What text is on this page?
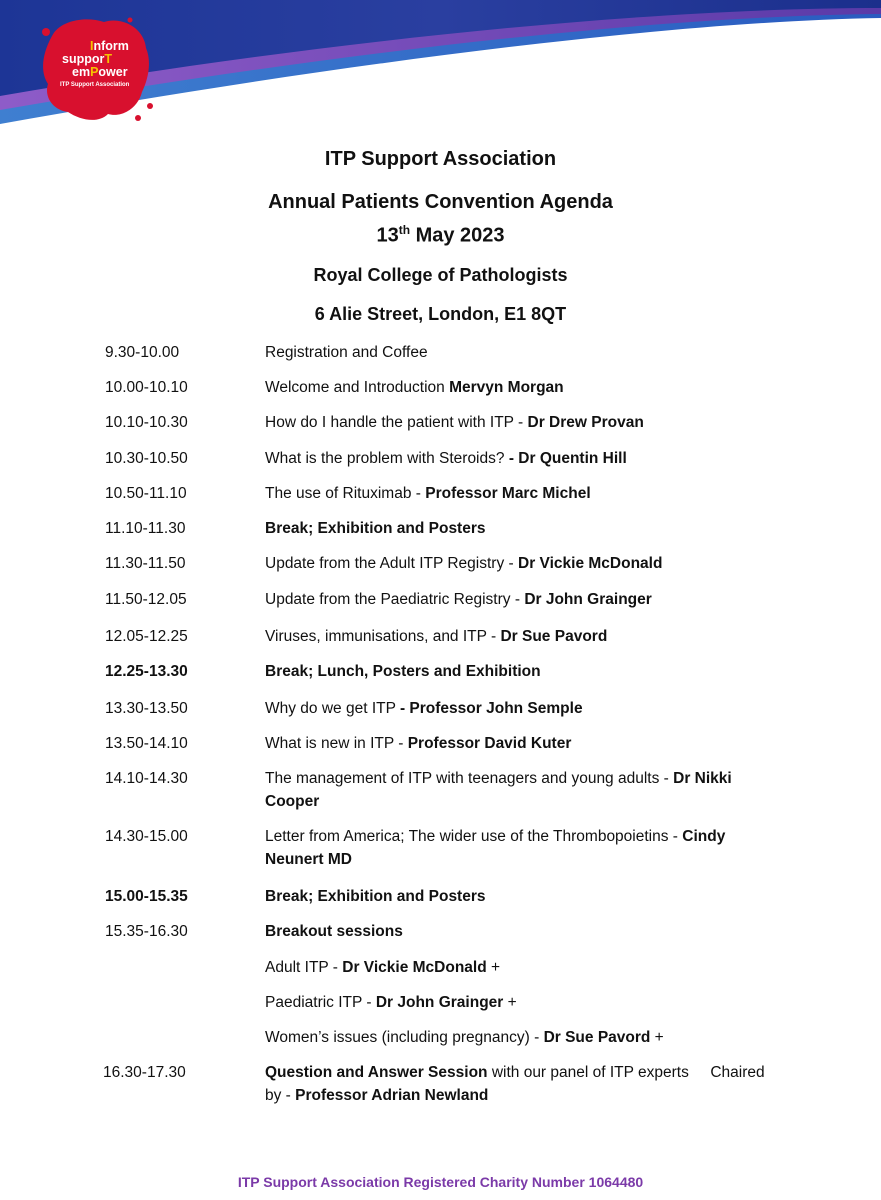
Inform
supporT
emPower
ITP Support Association
ITP Support Association
Annual Patients Convention Agenda
13th May 2023
Royal College of Pathologists
6 Alie Street, London, E1 8QT
9.30-10.00	Registration and Coffee
10.00-10.10	Welcome and Introduction Mervyn Morgan
10.10-10.30	How do I handle the patient with ITP - Dr Drew Provan
10.30-10.50	What is the problem with Steroids? - Dr Quentin Hill
10.50-11.10	The use of Rituximab - Professor Marc Michel
11.10-11.30	Break; Exhibition and Posters
11.30-11.50	Update from the Adult ITP Registry - Dr Vickie McDonald
11.50-12.05	Update from the Paediatric Registry - Dr John Grainger
12.05-12.25	Viruses, immunisations, and ITP - Dr Sue Pavord
12.25-13.30	Break; Lunch, Posters and Exhibition
13.30-13.50	Why do we get ITP - Professor John Semple
13.50-14.10	What is new in ITP - Professor David Kuter
14.10-14.30	The management of ITP with teenagers and young adults - Dr Nikki Cooper
14.30-15.00	Letter from America; The wider use of the Thrombopoietins - Cindy Neunert MD
15.00-15.35	Break; Exhibition and Posters
15.35-16.30	Breakout sessions
Adult ITP - Dr Vickie McDonald +
Paediatric ITP - Dr John Grainger +
Women’s issues (including pregnancy) - Dr Sue Pavord +
16.30-17.30	Question and Answer Session with our panel of ITP experts     Chaired by - Professor Adrian Newland
ITP Support Association Registered Charity Number 1064480
